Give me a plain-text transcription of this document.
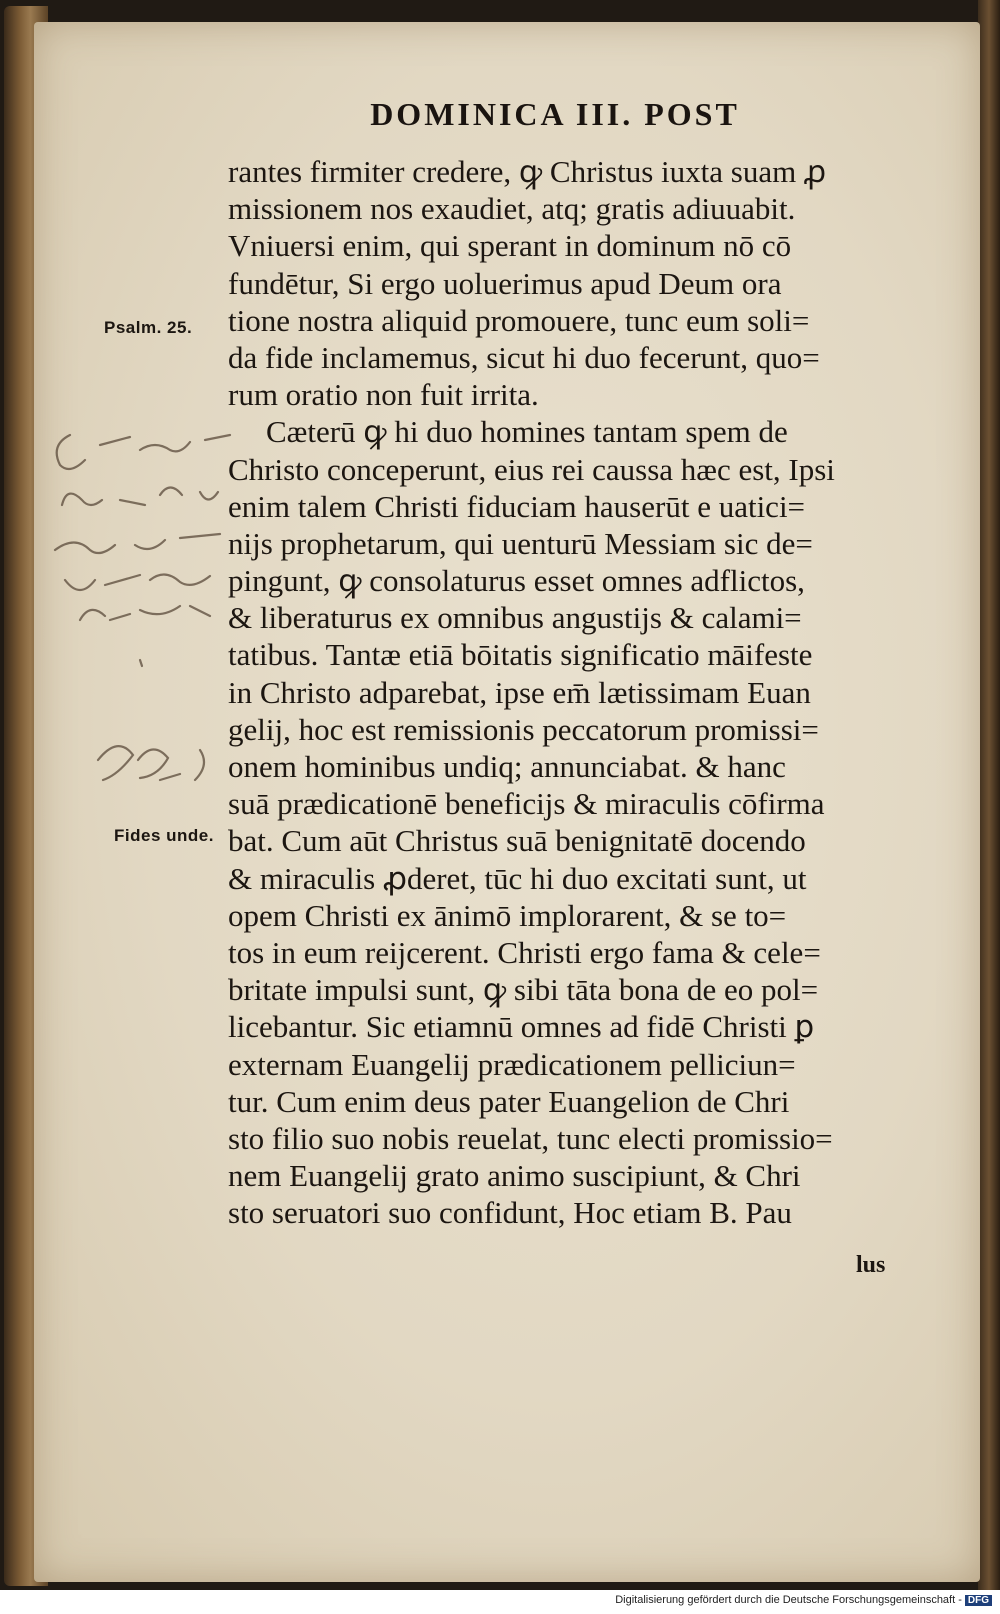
DOMINICA III. POST
rantes firmiter credere, ꝙ Christus iuxta suam ꝓ
missionem nos exaudiet, atq; gratis adiuuabit.
Vniuersi enim, qui sperant in dominum nō cō
fundētur, Si ergo uoluerimus apud Deum ora
tione nostra aliquid promouere, tunc eum soli=
da fide inclamemus, sicut hi duo fecerunt, quo=
rum oratio non fuit irrita.
Cæterū ꝙ hi duo homines tantam spem de
Christo conceperunt, eius rei caussa hæc est, Ipsi
enim talem Christi fiduciam hauserūt e uatici=
nijs prophetarum, qui uenturū Messiam sic de=
pingunt, ꝙ consolaturus esset omnes adflictos,
& liberaturus ex omnibus angustijs & calami=
tatibus. Tantæ etiā bōitatis significatio māifeste
in Christo adparebat, ipse em̄ lætissimam Euan
gelij, hoc est remissionis peccatorum promissi=
onem hominibus undiq; annunciabat. & hanc
suā prædicationē beneficijs & miraculis cōfirma
bat. Cum aūt Christus suā benignitatē docendo
& miraculis ꝓderet, tūc hi duo excitati sunt, ut
opem Christi ex ānimō implorarent, & se to=
tos in eum reijcerent. Christi ergo fama & cele=
britate impulsi sunt, ꝙ sibi tāta bona de eo pol=
licebantur. Sic etiamnū omnes ad fidē Christi ꝑ
externam Euangelij prædicationem pelliciun=
tur. Cum enim deus pater Euangelion de Chri
sto filio suo nobis reuelat, tunc electi promissio=
nem Euangelij grato animo suscipiunt, & Chri
sto seruatori suo confidunt, Hoc etiam B. Pau
lus
Psalm. 25.
Fides unde.
Digitalisierung gefördert durch die Deutsche Forschungsgemeinschaft - DFG
